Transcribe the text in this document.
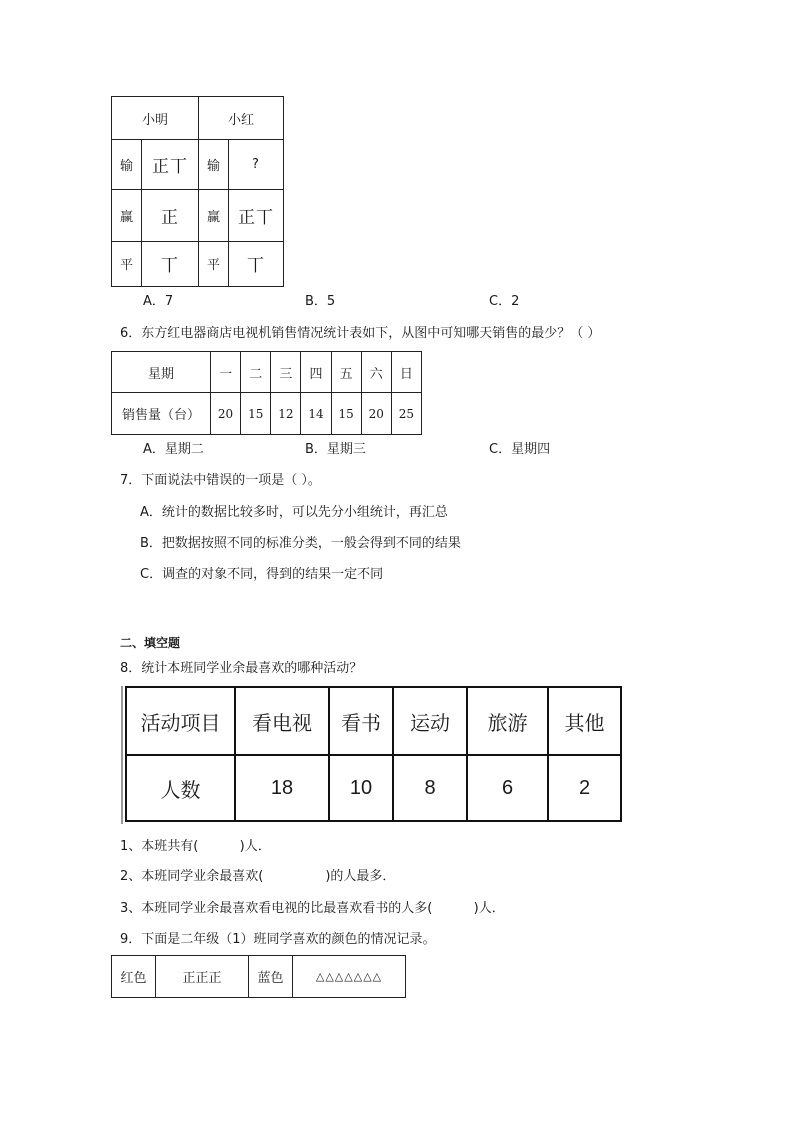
小明		小红	
输	正丅	输	?
赢	正	赢	正丅
平	丅	平	丅
A．7	B．5	C．2
6．东方红电器商店电视机销售情况统计表如下，从图中可知哪天销售的最少？（ ）
星期	一	二	三	四	五	六	日
销售量（台）	20	15	12	14	15	20	25
A．星期二	B．星期三	C．星期四
7．下面说法中错误的一项是（ ）。
A．统计的数据比较多时，可以先分小组统计，再汇总
B．把数据按照不同的标准分类，一般会得到不同的结果
C．调查的对象不同，得到的结果一定不同
二、填空题
8．统计本班同学业余最喜欢的哪种活动？
活动项目	看电视	看书	运动	旅游	其他
人数	18	10	8	6	2
1、本班共有(          )人．
2、本班同学业余最喜欢(               )的人最多．
3、本班同学业余最喜欢看电视的比最喜欢看书的人多(          )人．
9．下面是二年级（1）班同学喜欢的颜色的情况记录。
红色	正正正	蓝色	△△△△△△△
